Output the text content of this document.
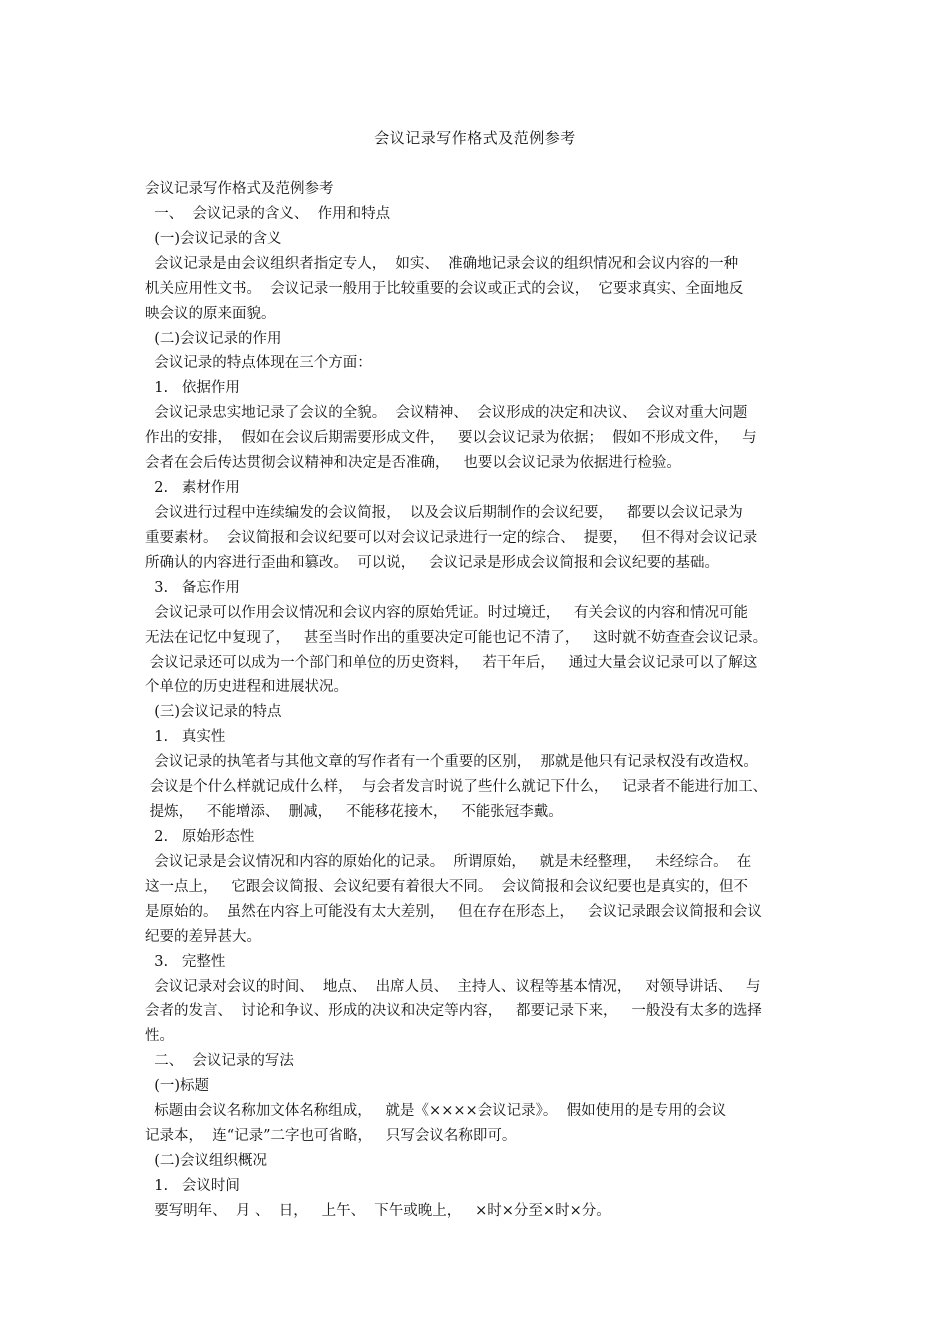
会议记录写作格式及范例参考
会议记录写作格式及范例参考
一、  会议记录的含义、  作用和特点
(一)会议记录的含义
会议记录是由会议组织者指定专人，  如实、  准确地记录会议的组织情况和会议内容的一种
机关应用性文书。  会议记录一般用于比较重要的会议或正式的会议，  它要求真实、全面地反
映会议的原来面貌。
(二)会议记录的作用
会议记录的特点体现在三个方面：
1.   依据作用
会议记录忠实地记录了会议的全貌。  会议精神、  会议形成的决定和决议、  会议对重大问题
作出的安排，  假如在会议后期需要形成文件，   要以会议记录为依据；  假如不形成文件，   与
会者在会后传达贯彻会议精神和决定是否准确，   也要以会议记录为依据进行检验。
2.   素材作用
会议进行过程中连续编发的会议简报，  以及会议后期制作的会议纪要，   都要以会议记录为
重要素材。  会议简报和会议纪要可以对会议记录进行一定的综合、  提要，   但不得对会议记录
所确认的内容进行歪曲和篡改。  可以说，   会议记录是形成会议简报和会议纪要的基础。
3.   备忘作用
会议记录可以作用会议情况和会议内容的原始凭证。时过境迁，   有关会议的内容和情况可能
无法在记忆中复现了，   甚至当时作出的重要决定可能也记不清了，   这时就不妨查查会议记录。
会议记录还可以成为一个部门和单位的历史资料，   若干年后，   通过大量会议记录可以了解这
个单位的历史进程和进展状况。
(三)会议记录的特点
1.   真实性
会议记录的执笔者与其他文章的写作者有一个重要的区别，  那就是他只有记录权没有改造权。
会议是个什么样就记成什么样，  与会者发言时说了些什么就记下什么，   记录者不能进行加工、
提炼，   不能增添、  删减，   不能移花接木，   不能张冠李戴。
2.   原始形态性
会议记录是会议情况和内容的原始化的记录。  所谓原始，   就是未经整理，   未经综合。  在
这一点上，   它跟会议简报、会议纪要有着很大不同。  会议简报和会议纪要也是真实的，但不
是原始的。  虽然在内容上可能没有太大差别，   但在存在形态上，   会议记录跟会议简报和会议
纪要的差异甚大。
3.   完整性
会议记录对会议的时间、  地点、  出席人员、  主持人、议程等基本情况，   对领导讲话、   与
会者的发言、  讨论和争议、形成的决议和决定等内容，   都要记录下来，   一般没有太多的选择
性。
二、  会议记录的写法
(一)标题
标题由会议名称加文体名称组成，   就是《××××会议记录》。  假如使用的是专用的会议
记录本，  连“记录”二字也可省略，   只写会议名称即可。
(二)会议组织概况
1.   会议时间
要写明年、  月 、  日，   上午、  下午或晚上，   ×时×分至×时×分。
